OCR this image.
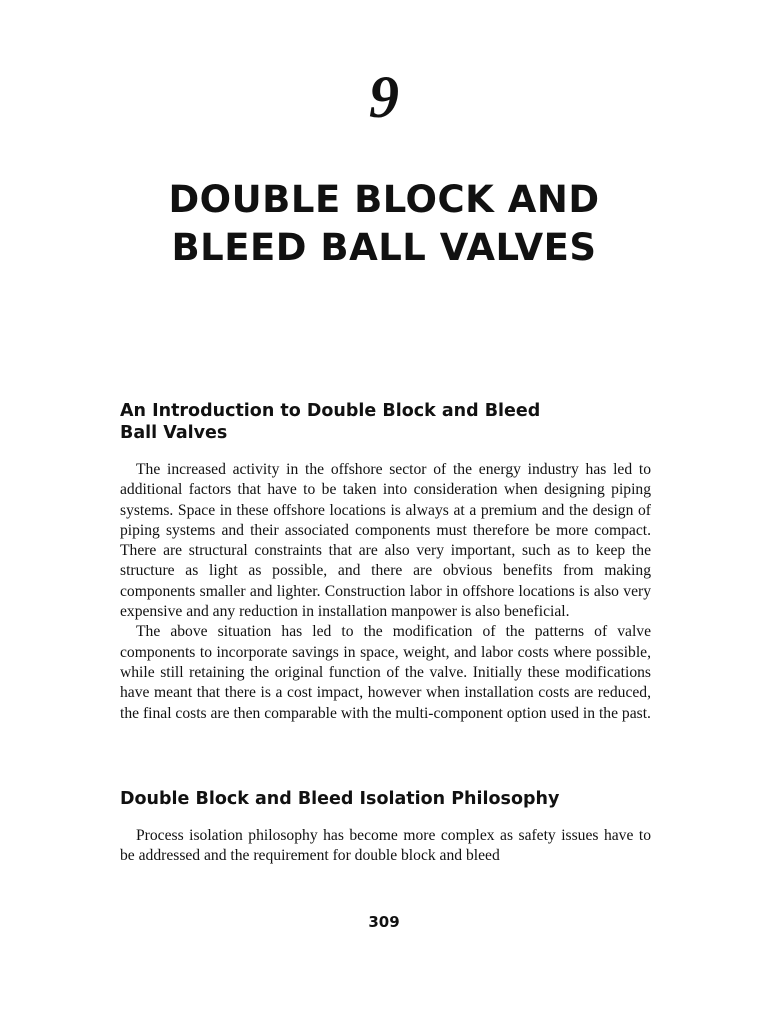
9
DOUBLE BLOCK AND
BLEED BALL VALVES
An Introduction to Double Block and Bleed
Ball Valves

The increased activity in the offshore sector of the energy industry has led to additional factors that have to be taken into consideration when designing piping systems. Space in these offshore locations is always at a premium and the design of piping systems and their associated components must therefore be more compact. There are structural constraints that are also very important, such as to keep the structure as light as possible, and there are obvious benefits from making components smaller and lighter. Construction labor in offshore locations is also very expensive and any reduction in installation manpower is also beneficial.

The above situation has led to the modification of the patterns of valve components to incorporate savings in space, weight, and labor costs where possible, while still retaining the original function of the valve. Initially these modifications have meant that there is a cost impact, however when installation costs are reduced, the final costs are then comparable with the multi-component option used in the past.

Double Block and Bleed Isolation Philosophy

Process isolation philosophy has become more complex as safety issues have to be addressed and the requirement for double block and bleed

309
